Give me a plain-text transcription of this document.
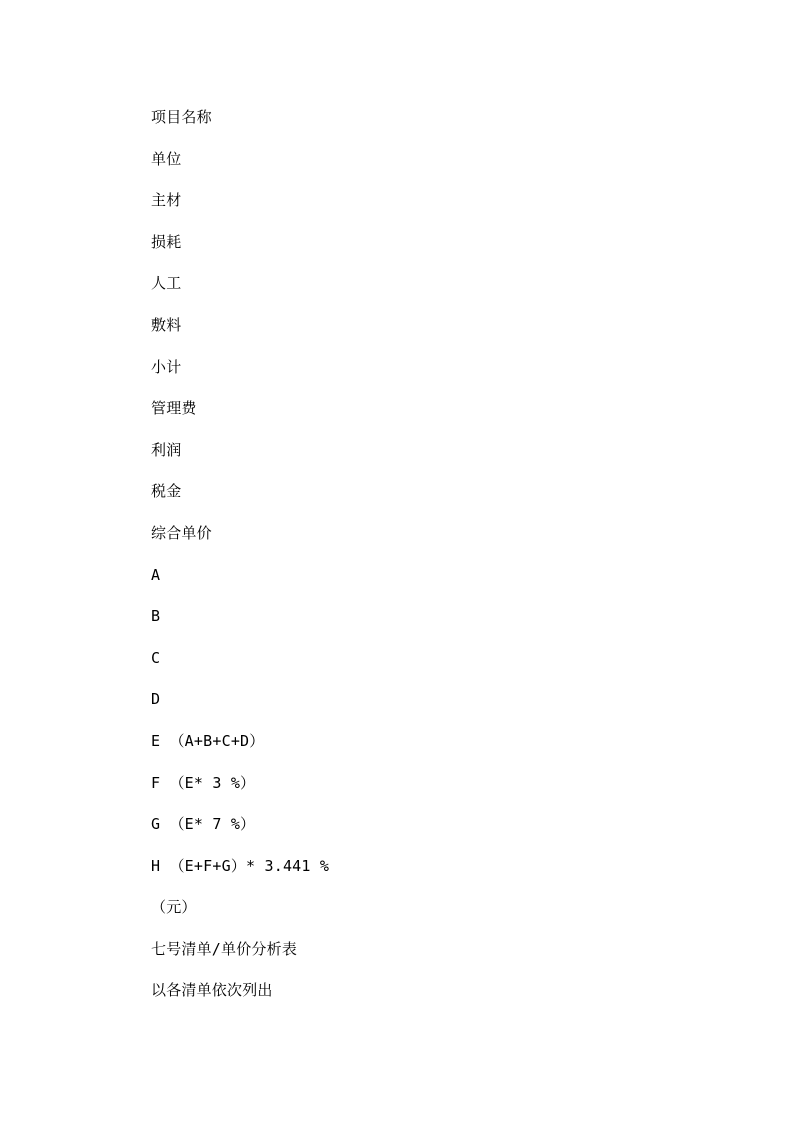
项目名称
单位
主材
损耗
人工
敷料
小计
管理费
利润
税金
综合单价
A
B
C
D
E （A+B+C+D）
F （E* 3 %）
G （E* 7 %）
H （E+F+G）* 3.441 %
（元）
七号清单/单价分析表
以各清单依次列出
